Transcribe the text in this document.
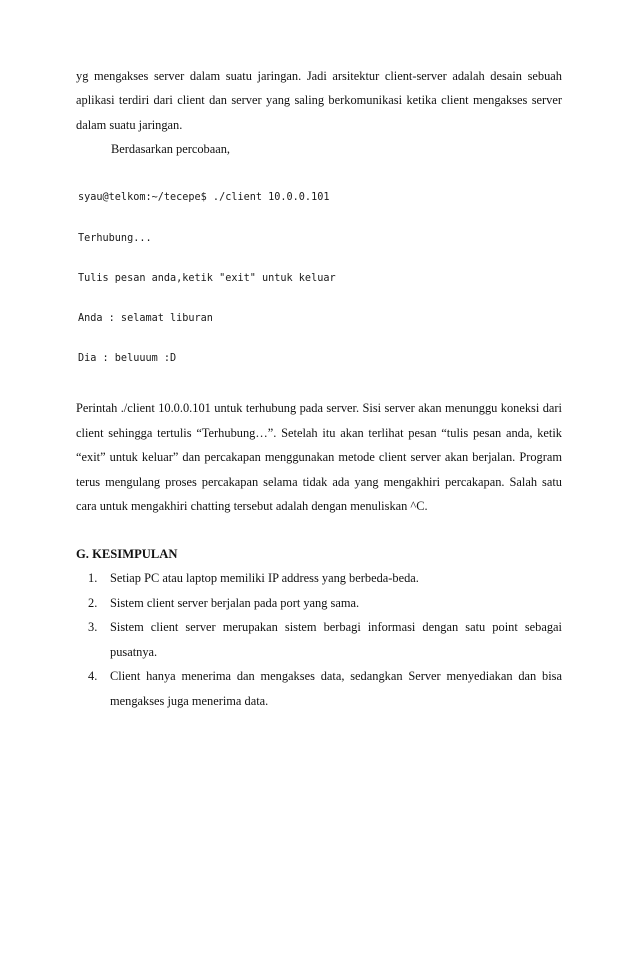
yg mengakses server dalam suatu jaringan. Jadi arsitektur client-server adalah desain sebuah aplikasi terdiri dari client dan server yang saling berkomunikasi ketika client mengakses server dalam suatu jaringan.

Berdasarkan percobaan,

syau@telkom:~/tecepe$ ./client 10.0.0.101

Terhubung...

Tulis pesan anda,ketik "exit" untuk keluar

Anda : selamat liburan

Dia : beluuum :D

Perintah ./client 10.0.0.101 untuk terhubung pada server. Sisi server akan menunggu koneksi dari client sehingga tertulis “Terhubung…”. Setelah itu akan terlihat pesan “tulis pesan anda, ketik “exit” untuk keluar” dan percakapan menggunakan metode client server akan berjalan. Program terus mengulang proses percakapan selama tidak ada yang mengakhiri percakapan. Salah satu cara untuk mengakhiri chatting tersebut adalah dengan menuliskan ^C.

G. KESIMPULAN

1. Setiap PC atau laptop memiliki IP address yang berbeda-beda.
2. Sistem client server berjalan pada port yang sama.
3. Sistem client server merupakan sistem berbagi informasi dengan satu point sebagai pusatnya.
4. Client hanya menerima dan mengakses data, sedangkan Server menyediakan dan bisa mengakses juga menerima data.
